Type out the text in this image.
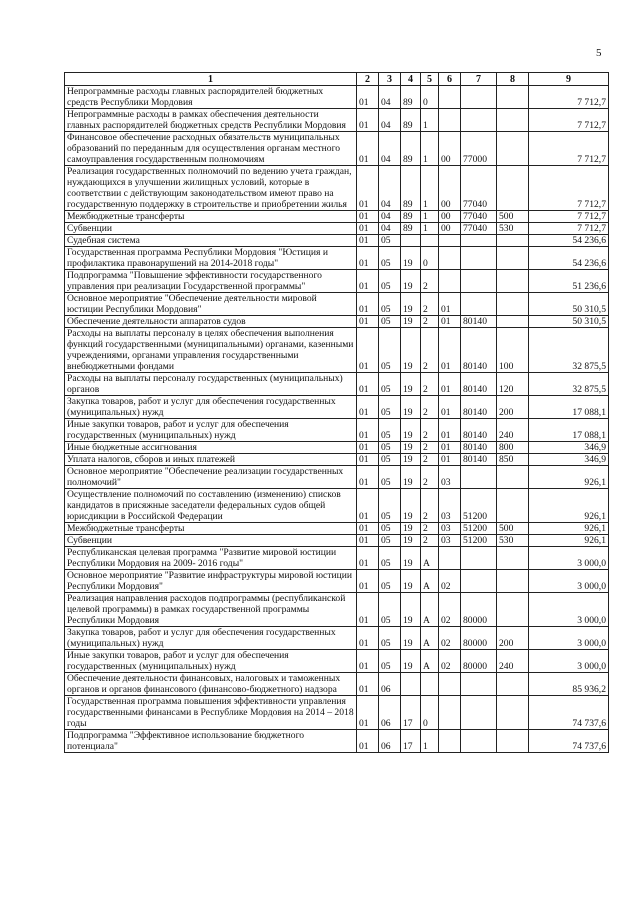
5
1	2	3	4	5	6	7	8	9
Непрограммные расходы главных распорядителей бюджетных средств Республики Мордовия	01	04	89	0				7 712,7
Непрограммные расходы в рамках обеспечения деятельности главных распорядителей бюджетных средств Республики Мордовия	01	04	89	1				7 712,7
Финансовое обеспечение расходных обязательств муниципальных образований по переданным для осуществления органам местного самоуправления государственным полномочиям	01	04	89	1	00	77000		7 712,7
Реализация государственных полномочий по ведению учета граждан, нуждающихся в улучшении жилищных условий, которые в соответствии с действующим законодательством имеют право на государственную поддержку в строительстве и приобретении жилья	01	04	89	1	00	77040		7 712,7
Межбюджетные трансферты	01	04	89	1	00	77040	500	7 712,7
Субвенции	01	04	89	1	00	77040	530	7 712,7
Судебная система	01	05						54 236,6
Государственная программа Республики Мордовия "Юстиция и профилактика правонарушений на 2014-2018 годы"	01	05	19	0				54 236,6
Подпрограмма "Повышение эффективности государственного управления при реализации Государственной программы"	01	05	19	2				51 236,6
Основное мероприятие "Обеспечение деятельности мировой юстиции Республики Мордовия"	01	05	19	2	01			50 310,5
Обеспечение деятельности аппаратов судов	01	05	19	2	01	80140		50 310,5
Расходы на выплаты персоналу в целях обеспечения выполнения функций государственными (муниципальными) органами, казенными учреждениями, органами управления государственными внебюджетными фондами	01	05	19	2	01	80140	100	32 875,5
Расходы на выплаты персоналу государственных (муниципальных) органов	01	05	19	2	01	80140	120	32 875,5
Закупка товаров, работ и услуг для обеспечения государственных (муниципальных) нужд	01	05	19	2	01	80140	200	17 088,1
Иные закупки товаров, работ и услуг для обеспечения государственных (муниципальных) нужд	01	05	19	2	01	80140	240	17 088,1
Иные бюджетные ассигнования	01	05	19	2	01	80140	800	346,9
Уплата налогов, сборов и иных платежей	01	05	19	2	01	80140	850	346,9
Основное мероприятие "Обеспечение реализации государственных полномочий"	01	05	19	2	03			926,1
Осуществление полномочий по составлению (изменению) списков кандидатов в присяжные заседатели федеральных судов общей юрисдикции в Российской Федерации	01	05	19	2	03	51200		926,1
Межбюджетные трансферты	01	05	19	2	03	51200	500	926,1
Субвенции	01	05	19	2	03	51200	530	926,1
Республиканская целевая программа "Развитие мировой юстиции Республики Мордовия на 2009- 2016 годы"	01	05	19	А				3 000,0
Основное мероприятие "Развитие инфраструктуры мировой юстиции Республики Мордовия"	01	05	19	А	02			3 000,0
Реализация направления расходов подпрограммы (республиканской целевой программы) в рамках государственной программы Республики Мордовия	01	05	19	А	02	80000		3 000,0
Закупка товаров, работ и услуг для обеспечения государственных (муниципальных) нужд	01	05	19	А	02	80000	200	3 000,0
Иные закупки товаров, работ и услуг для обеспечения государственных (муниципальных) нужд	01	05	19	А	02	80000	240	3 000,0
Обеспечение деятельности финансовых, налоговых и таможенных органов и органов финансового (финансово-бюджетного) надзора	01	06						85 936,2
Государственная программа повышения эффективности управления государственными финансами в Республике Мордовия на 2014 – 2018 годы	01	06	17	0				74 737,6
Подпрограмма "Эффективное использование бюджетного потенциала"	01	06	17	1				74 737,6
